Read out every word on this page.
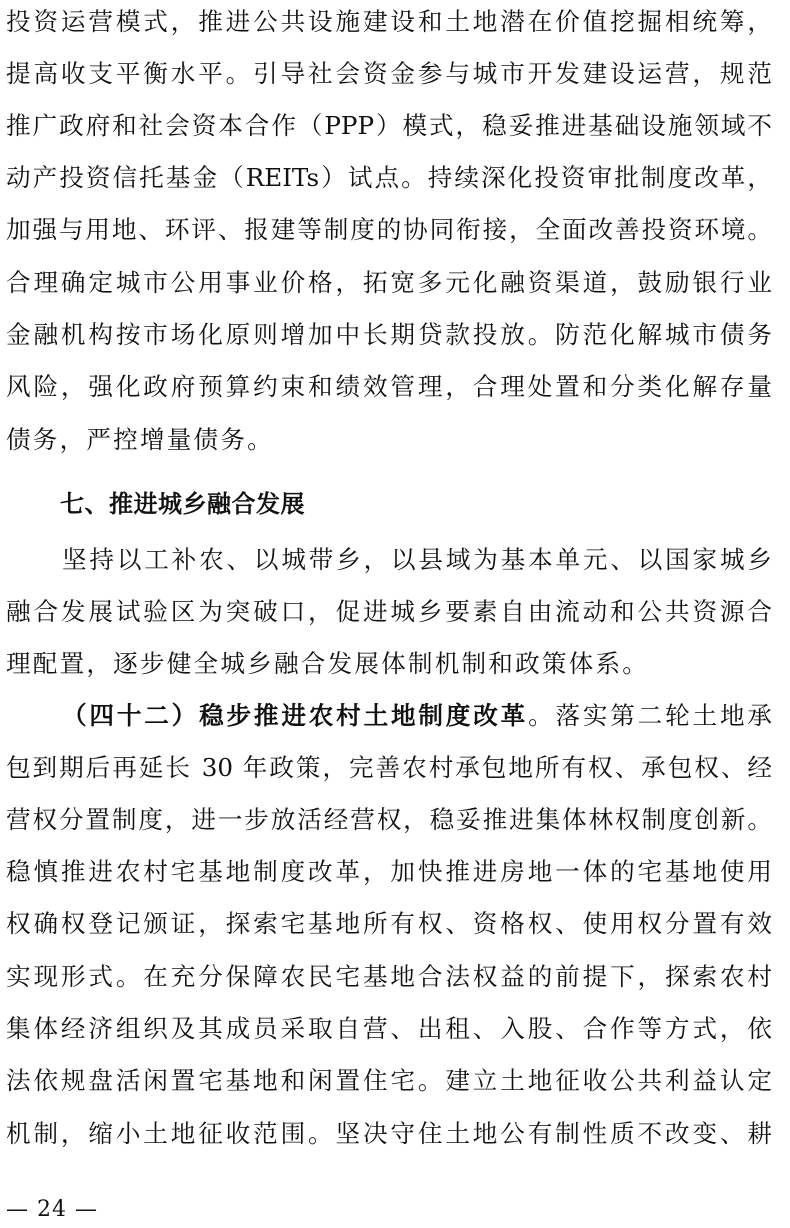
投资运营模式，推进公共设施建设和土地潜在价值挖掘相统筹，
提高收支平衡水平。引导社会资金参与城市开发建设运营，规范
推广政府和社会资本合作（PPP）模式，稳妥推进基础设施领域不
动产投资信托基金（REITs）试点。持续深化投资审批制度改革，
加强与用地、环评、报建等制度的协同衔接，全面改善投资环境。
合理确定城市公用事业价格，拓宽多元化融资渠道，鼓励银行业
金融机构按市场化原则增加中长期贷款投放。防范化解城市债务
风险，强化政府预算约束和绩效管理，合理处置和分类化解存量
债务，严控增量债务。
七、推进城乡融合发展
坚持以工补农、以城带乡，以县域为基本单元、以国家城乡
融合发展试验区为突破口，促进城乡要素自由流动和公共资源合
理配置，逐步健全城乡融合发展体制机制和政策体系。
（四十二）稳步推进农村土地制度改革。落实第二轮土地承
包到期后再延长 30 年政策，完善农村承包地所有权、承包权、经
营权分置制度，进一步放活经营权，稳妥推进集体林权制度创新。
稳慎推进农村宅基地制度改革，加快推进房地一体的宅基地使用
权确权登记颁证，探索宅基地所有权、资格权、使用权分置有效
实现形式。在充分保障农民宅基地合法权益的前提下，探索农村
集体经济组织及其成员采取自营、出租、入股、合作等方式，依
法依规盘活闲置宅基地和闲置住宅。建立土地征收公共利益认定
机制，缩小土地征收范围。坚决守住土地公有制性质不改变、耕
— 24 —
